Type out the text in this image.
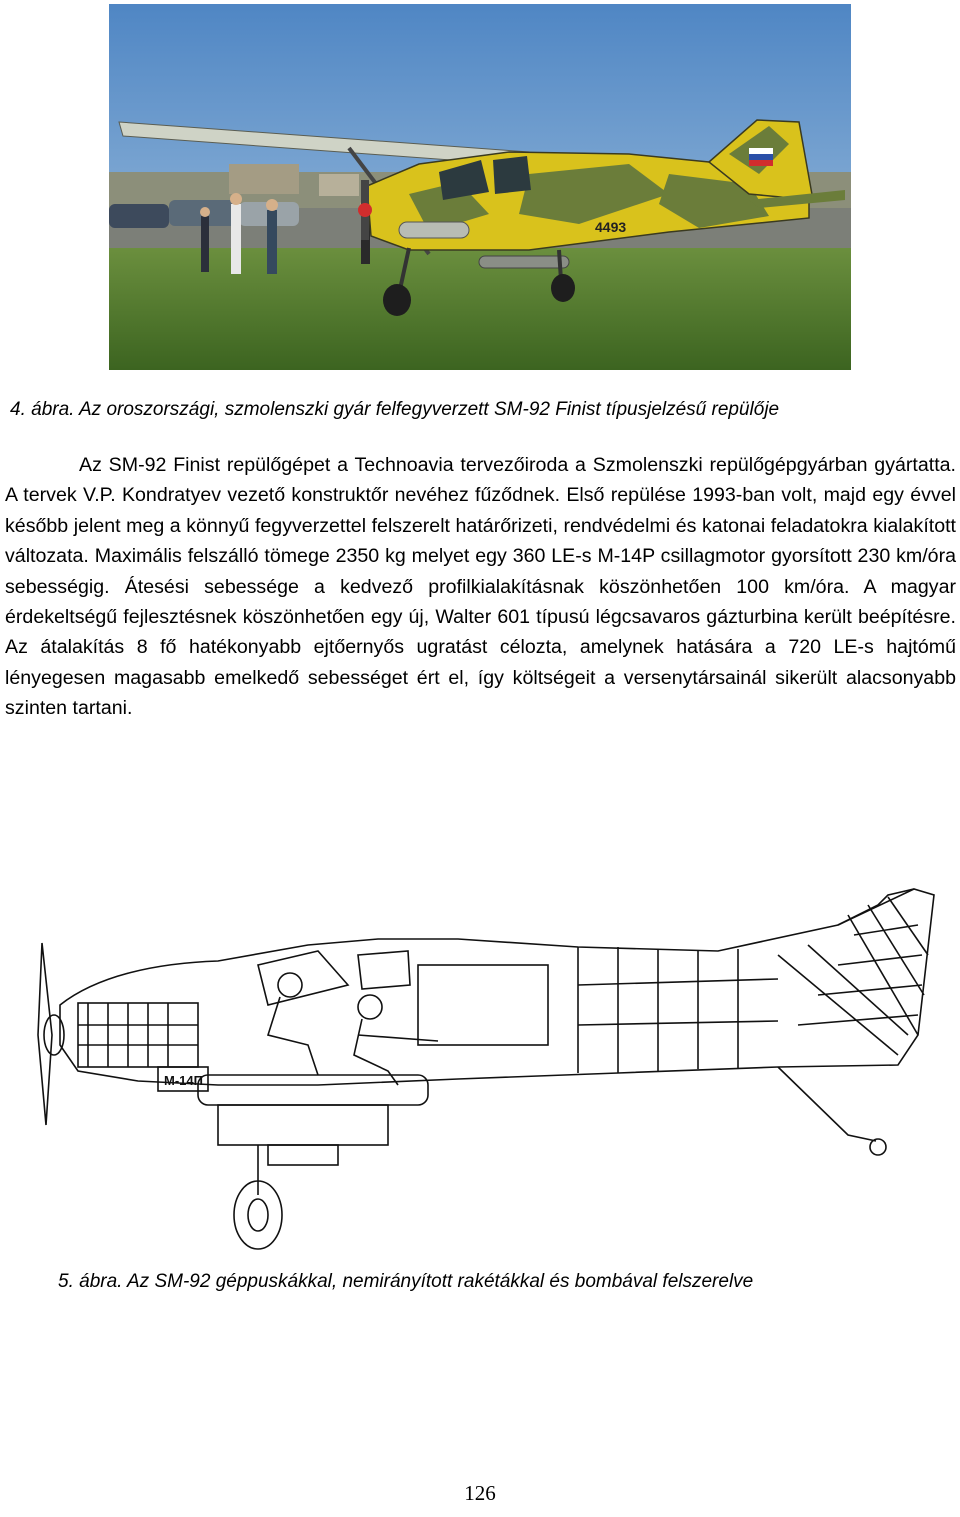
4493
4. ábra. Az oroszországi, szmolenszki gyár felfegyverzett SM-92 Finist típusjelzésű repülője
Az SM-92 Finist repülőgépet a Technoavia tervezőiroda a Szmolenszki repülőgépgyárban gyártatta. A tervek V.P. Kondratyev vezető konstruktőr nevéhez fűződnek. Első repülése 1993-ban volt, majd egy évvel később jelent meg a könnyű fegyverzettel felszerelt határőrizeti, rendvédelmi és katonai feladatokra kialakított változata. Maximális felszálló tömege 2350 kg melyet egy 360 LE-s M-14P csillagmotor gyorsított 230 km/óra sebességig. Átesési sebessége a kedvező profilkialakításnak köszönhetően 100 km/óra. A magyar érdekeltségű fejlesztésnek köszönhetően egy új, Walter 601 típusú légcsavaros gázturbina került beépítésre. Az átalakítás 8 fő hatékonyabb ejtőernyős ugratást célozta, amelynek hatására a 720 LE-s hajtómű lényegesen magasabb emelkedő sebességet ért el, így költségeit a versenytársainál sikerült alacsonyabb szinten tartani.
M-14П
5. ábra. Az SM-92 géppuskákkal, nemirányított rakétákkal és bombával felszerelve
126
